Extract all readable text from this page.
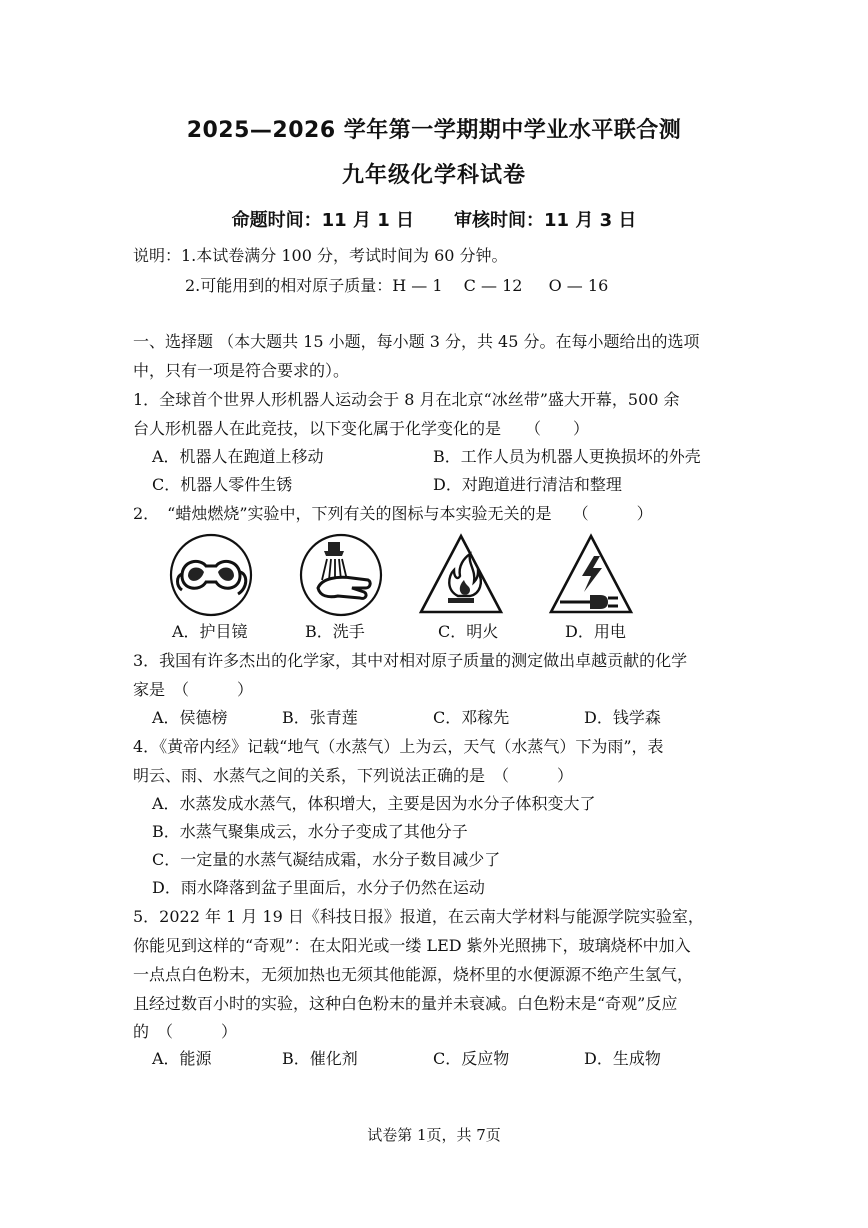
2025—2026 学年第一学期期中学业水平联合测
九年级化学科试卷
命题时间：11 月 1 日 审核时间：11 月 3 日
说明：1.本试卷满分 100 分，考试时间为 60 分钟。
2.可能用到的相对原子质量：H — 1　 C — 12 　 O — 16
一、选择题 （本大题共 15 小题，每小题 3 分，共 45 分。在每小题给出的选项
中，只有一项是符合要求的）。
1．全球首个世界人形机器人运动会于 8 月在北京“冰丝带”盛大开幕，500 余
台人形机器人在此竞技，以下变化属于化学变化的是　　（　　）
A．机器人在跑道上移动	B．工作人员为机器人更换损坏的外壳
C．机器人零件生锈	D．对跑道进行清洁和整理
2．　“蜡烛燃烧”实验中，下列有关的图标与本实验无关的是　 （　　　）
A．护目镜	B．洗手	C．明火	D．用电
3．我国有许多杰出的化学家，其中对相对原子质量的测定做出卓越贡献的化学
家是　（　　　）
A．侯德榜	B．张青莲	C．邓稼先	D．钱学森
4．《黄帝内经》记载“地气（水蒸气）上为云，天气（水蒸气）下为雨”，表
明云、雨、水蒸气之间的关系，下列说法正确的是　（　　　）
A．水蒸发成水蒸气，体积增大，主要是因为水分子体积变大了
B．水蒸气聚集成云，水分子变成了其他分子
C．一定量的水蒸气凝结成霜，水分子数目减少了
D．雨水降落到盆子里面后，水分子仍然在运动
5．2022 年 1 月 19 日《科技日报》报道，在云南大学材料与能源学院实验室，
你能见到这样的“奇观”：在太阳光或一缕 LED 紫外光照拂下，玻璃烧杯中加入
一点点白色粉末，无须加热也无须其他能源，烧杯里的水便源源不绝产生氢气，
且经过数百小时的实验，这种白色粉末的量并未衰减。白色粉末是“奇观”反应
的　（　　　）
A．能源	B．催化剂	C．反应物	D．生成物
试卷第 1页，共 7页
